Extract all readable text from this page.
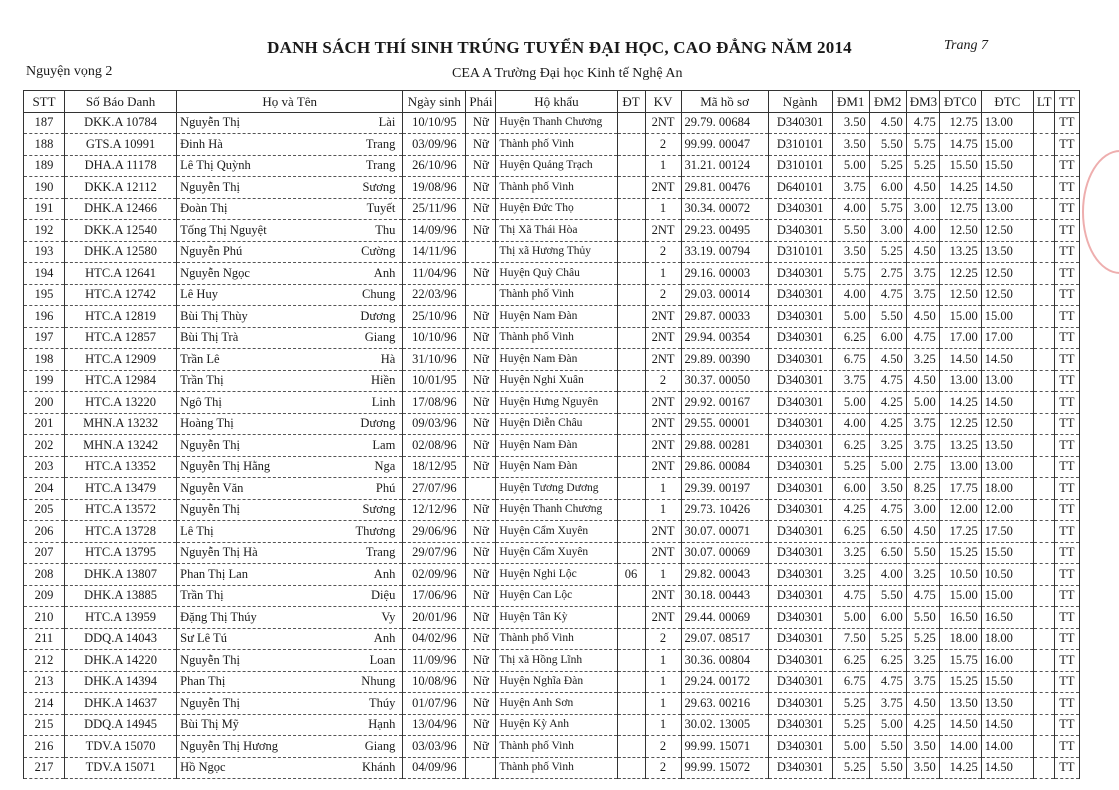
DANH SÁCH THÍ SINH TRÚNG TUYỂN ĐẠI HỌC, CAO ĐẲNG NĂM 2014	Trang 7
Nguyện vọng 2	CEA A Trường Đại học Kinh tế Nghệ An
STT	Số Báo Danh	Họ và Tên	Ngày sinh	Phái	Hộ khẩu	ĐT	KV	Mã hồ sơ	Ngành	ĐM1	ĐM2	ĐM3	ĐTC0	ĐTC	LT	TT
187	DKK.A 10784	Nguyễn Thị Lài	10/10/95	Nữ	Huyện Thanh Chương		2NT	29.79. 00684	D340301	3.50	4.50	4.75	12.75	13.00		TT
188	GTS.A 10991	Đinh Hà Trang	03/09/96	Nữ	Thành phố Vinh		2	99.99. 00047	D310101	3.50	5.50	5.75	14.75	15.00		TT
189	DHA.A 11178	Lê Thị Quỳnh Trang	26/10/96	Nữ	Huyện Quảng Trạch		1	31.21. 00124	D310101	5.00	5.25	5.25	15.50	15.50		TT
190	DKK.A 12112	Nguyễn Thị Sương	19/08/96	Nữ	Thành phố Vinh		2NT	29.81. 00476	D640101	3.75	6.00	4.50	14.25	14.50		TT
191	DHK.A 12466	Đoàn Thị Tuyết	25/11/96	Nữ	Huyện Đức Thọ		1	30.34. 00072	D340301	4.00	5.75	3.00	12.75	13.00		TT
192	DKK.A 12540	Tống Thị Nguyệt Thu	14/09/96	Nữ	Thị Xã Thái Hòa		2NT	29.23. 00495	D340301	5.50	3.00	4.00	12.50	12.50		TT
193	DHK.A 12580	Nguyễn Phú Cường	14/11/96		Thị xã Hương Thủy		2	33.19. 00794	D310101	3.50	5.25	4.50	13.25	13.50		TT
194	HTC.A 12641	Nguyễn Ngọc Anh	11/04/96	Nữ	Huyện Quỳ Châu		1	29.16. 00003	D340301	5.75	2.75	3.75	12.25	12.50		TT
195	HTC.A 12742	Lê Huy Chung	22/03/96		Thành phố Vinh		2	29.03. 00014	D340301	4.00	4.75	3.75	12.50	12.50		TT
196	HTC.A 12819	Bùi Thị Thùy Dương	25/10/96	Nữ	Huyện Nam Đàn		2NT	29.87. 00033	D340301	5.00	5.50	4.50	15.00	15.00		TT
197	HTC.A 12857	Bùi Thị Trà Giang	10/10/96	Nữ	Thành phố Vinh		2NT	29.94. 00354	D340301	6.25	6.00	4.75	17.00	17.00		TT
198	HTC.A 12909	Trần Lê Hà	31/10/96	Nữ	Huyện Nam Đàn		2NT	29.89. 00390	D340301	6.75	4.50	3.25	14.50	14.50		TT
199	HTC.A 12984	Trần Thị Hiền	10/01/95	Nữ	Huyện Nghi Xuân		2	30.37. 00050	D340301	3.75	4.75	4.50	13.00	13.00		TT
200	HTC.A 13220	Ngô Thị Linh	17/08/96	Nữ	Huyện Hưng Nguyên		2NT	29.92. 00167	D340301	5.00	4.25	5.00	14.25	14.50		TT
201	MHN.A 13232	Hoàng Thị Dương	09/03/96	Nữ	Huyện Diễn Châu		2NT	29.55. 00001	D340301	4.00	4.25	3.75	12.25	12.50		TT
202	MHN.A 13242	Nguyễn Thị Lam	02/08/96	Nữ	Huyện Nam Đàn		2NT	29.88. 00281	D340301	6.25	3.25	3.75	13.25	13.50		TT
203	HTC.A 13352	Nguyễn Thị Hằng Nga	18/12/95	Nữ	Huyện Nam Đàn		2NT	29.86. 00084	D340301	5.25	5.00	2.75	13.00	13.00		TT
204	HTC.A 13479	Nguyễn Văn Phú	27/07/96		Huyện Tương Dương		1	29.39. 00197	D340301	6.00	3.50	8.25	17.75	18.00		TT
205	HTC.A 13572	Nguyễn Thị Sương	12/12/96	Nữ	Huyện Thanh Chương		1	29.73. 10426	D340301	4.25	4.75	3.00	12.00	12.00		TT
206	HTC.A 13728	Lê Thị Thương	29/06/96	Nữ	Huyện Cẩm Xuyên		2NT	30.07. 00071	D340301	6.25	6.50	4.50	17.25	17.50		TT
207	HTC.A 13795	Nguyễn Thị Hà Trang	29/07/96	Nữ	Huyện Cẩm Xuyên		2NT	30.07. 00069	D340301	3.25	6.50	5.50	15.25	15.50		TT
208	DHK.A 13807	Phan Thị Lan Anh	02/09/96	Nữ	Huyện Nghi Lộc	06	1	29.82. 00043	D340301	3.25	4.00	3.25	10.50	10.50		TT
209	DHK.A 13885	Trần Thị Diệu	17/06/96	Nữ	Huyện Can Lộc		2NT	30.18. 00443	D340301	4.75	5.50	4.75	15.00	15.00		TT
210	HTC.A 13959	Đặng Thị Thúy Vy	20/01/96	Nữ	Huyện Tân Kỳ		2NT	29.44. 00069	D340301	5.00	6.00	5.50	16.50	16.50		TT
211	DDQ.A 14043	Sư Lê Tú Anh	04/02/96	Nữ	Thành phố Vinh		2	29.07. 08517	D340301	7.50	5.25	5.25	18.00	18.00		TT
212	DHK.A 14220	Nguyễn Thị Loan	11/09/96	Nữ	Thị xã Hồng Lĩnh		1	30.36. 00804	D340301	6.25	6.25	3.25	15.75	16.00		TT
213	DHK.A 14394	Phan Thị Nhung	10/08/96	Nữ	Huyện Nghĩa Đàn		1	29.24. 00172	D340301	6.75	4.75	3.75	15.25	15.50		TT
214	DHK.A 14637	Nguyễn Thị Thúy	01/07/96	Nữ	Huyện Anh Sơn		1	29.63. 00216	D340301	5.25	3.75	4.50	13.50	13.50		TT
215	DDQ.A 14945	Bùi Thị Mỹ Hạnh	13/04/96	Nữ	Huyện Kỳ Anh		1	30.02. 13005	D340301	5.25	5.00	4.25	14.50	14.50		TT
216	TDV.A 15070	Nguyễn Thị Hương Giang	03/03/96	Nữ	Thành phố Vinh		2	99.99. 15071	D340301	5.00	5.50	3.50	14.00	14.00		TT
217	TDV.A 15071	Hồ Ngọc Khánh	04/09/96		Thành phố Vinh		2	99.99. 15072	D340301	5.25	5.50	3.50	14.25	14.50		TT
